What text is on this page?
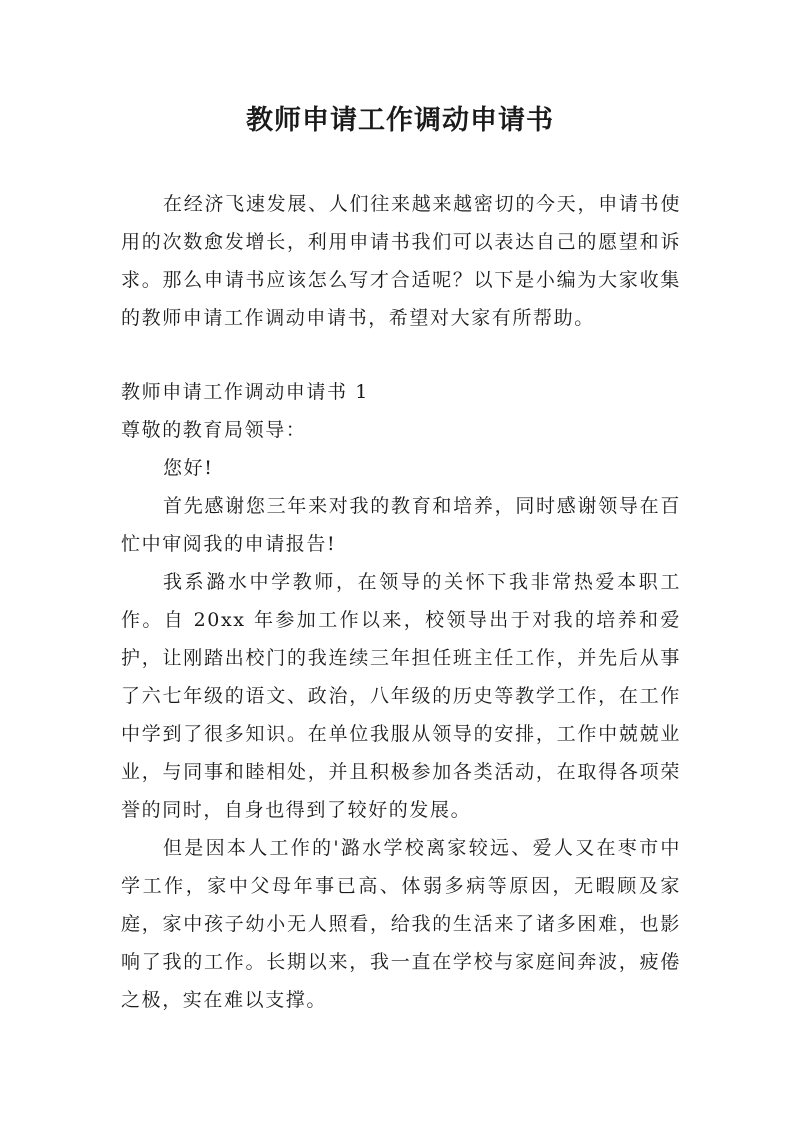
教师申请工作调动申请书

在经济飞速发展、人们往来越来越密切的今天，申请书使用的次数愈发增长，利用申请书我们可以表达自己的愿望和诉求。那么申请书应该怎么写才合适呢？以下是小编为大家收集的教师申请工作调动申请书，希望对大家有所帮助。

教师申请工作调动申请书 1

尊敬的教育局领导：

您好!

首先感谢您三年来对我的教育和培养，同时感谢领导在百忙中审阅我的申请报告!

我系潞水中学教师，在领导的关怀下我非常热爱本职工作。自 20xx 年参加工作以来，校领导出于对我的培养和爱护，让刚踏出校门的我连续三年担任班主任工作，并先后从事了六七年级的语文、政治，八年级的历史等教学工作，在工作中学到了很多知识。在单位我服从领导的安排，工作中兢兢业业，与同事和睦相处，并且积极参加各类活动，在取得各项荣誉的同时，自身也得到了较好的发展。

但是因本人工作的'潞水学校离家较远、爱人又在枣市中学工作，家中父母年事已高、体弱多病等原因，无暇顾及家庭，家中孩子幼小无人照看，给我的生活来了诸多困难，也影响了我的工作。长期以来，我一直在学校与家庭间奔波，疲倦之极，实在难以支撑。
